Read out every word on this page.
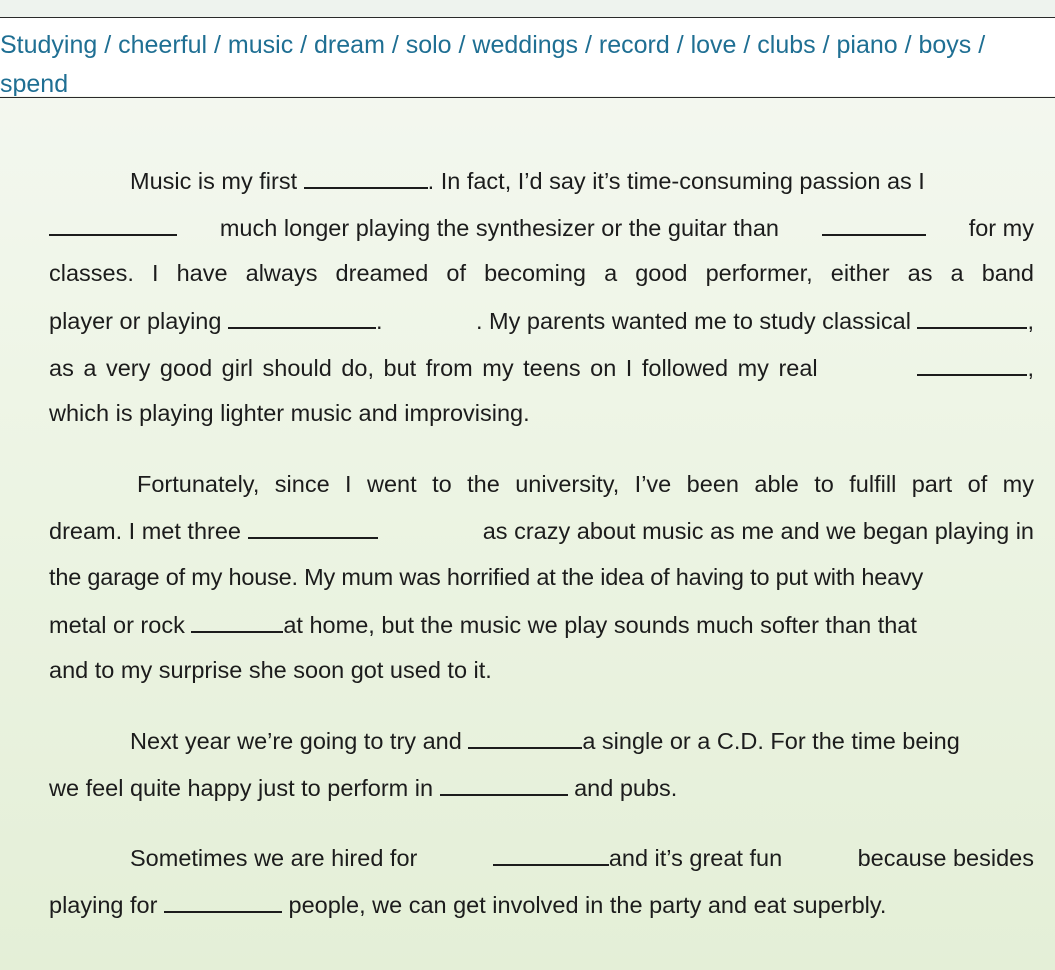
Studying / cheerful / music / dream / solo / weddings / record / love / clubs / piano / boys /
spend
Music is my first	. In fact, I’d say it’s time-consuming passion as I
much longer playing the synthesizer or the guitar than	for my
classes. I have always dreamed of becoming a good performer, either as a band
player or playing	.	. My parents wanted me to study classical	,
as a very good girl should do, but from my teens on I followed my real	,
which is playing lighter music and improvising.
Fortunately, since I went to the university, I’ve been able to fulfill part of my
dream. I met three	as crazy about music as me and we began playing in
the garage of my house. My mum was horrified at the idea of having to put with heavy
metal or rock	at home, but the music we play sounds much softer than that
and to my surprise she soon got used to it.
Next year we’re going to try and	a single or a C.D. For the time being
we feel quite happy just to perform in	and pubs.
Sometimes we are hired for	and it’s great fun	because besides
playing for	people, we can get involved in the party and eat superbly.
